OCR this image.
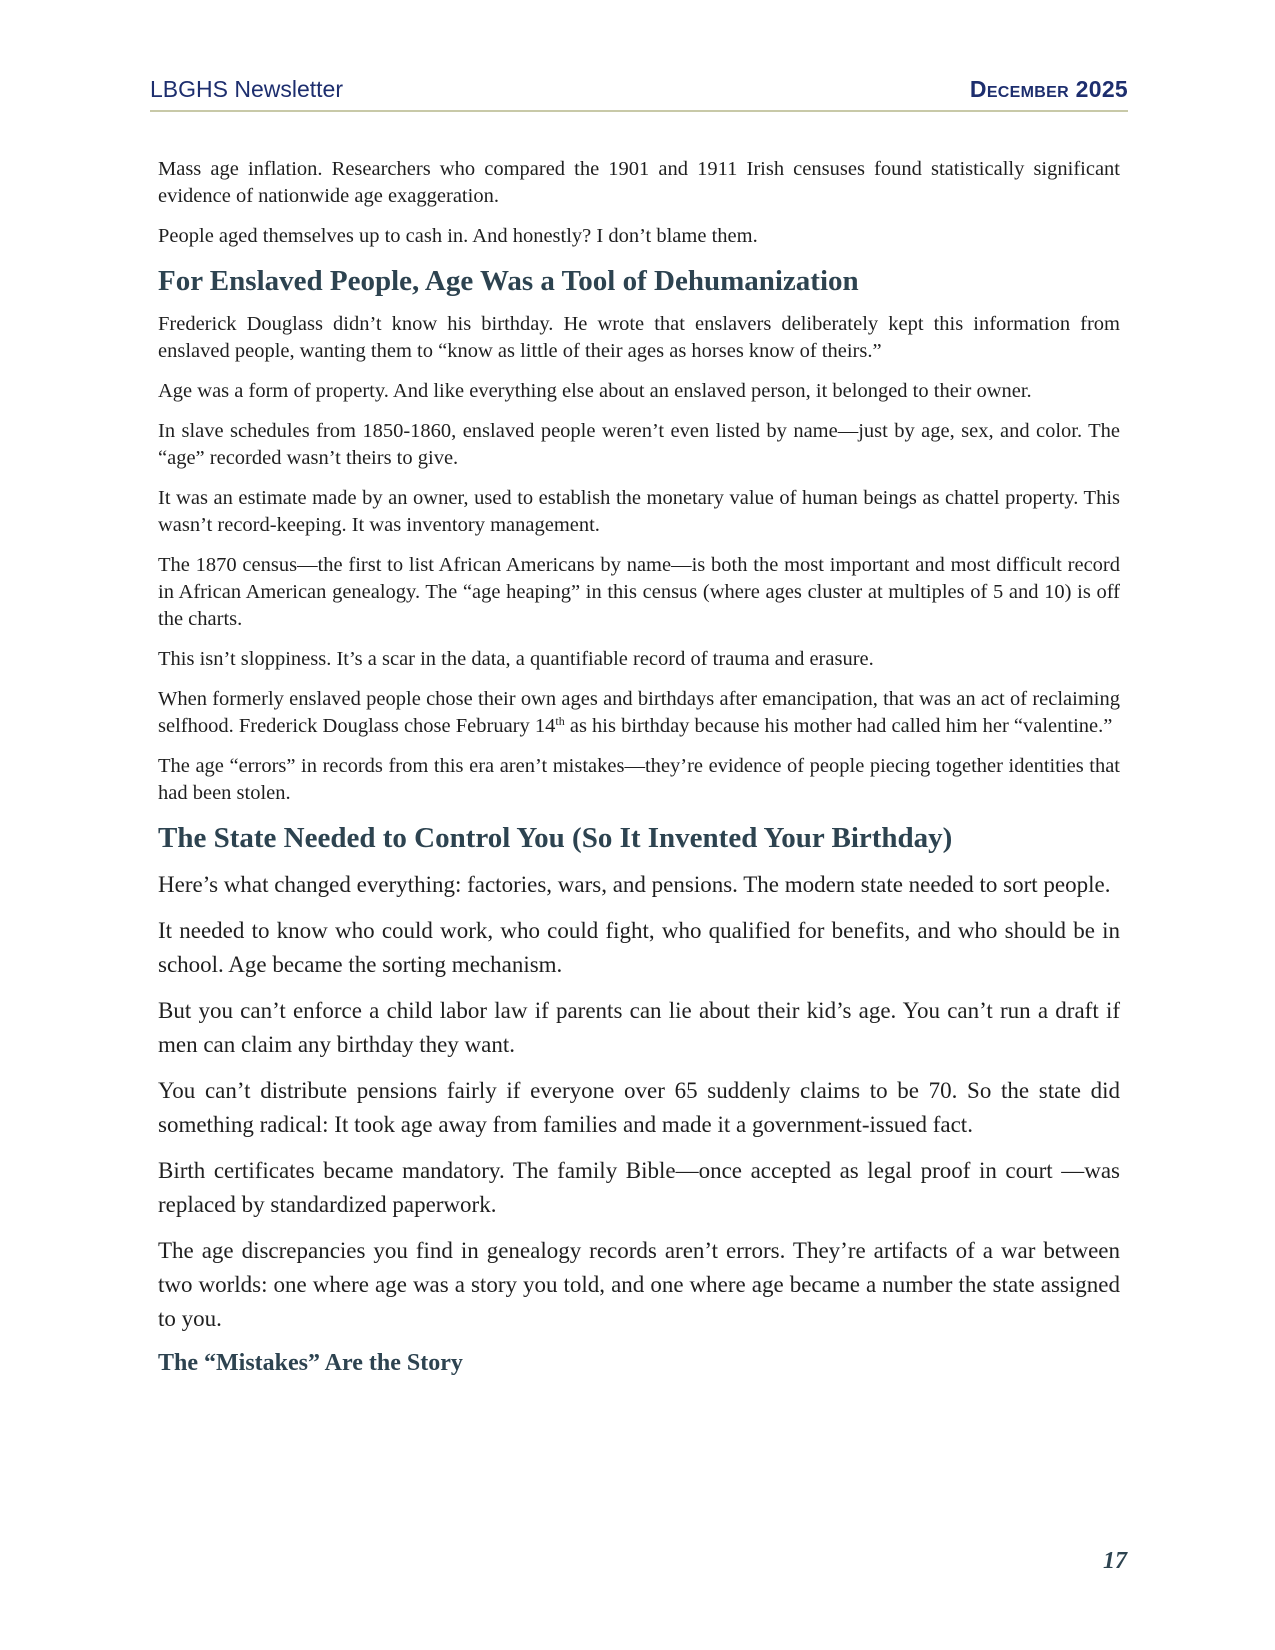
LBGHS Newsletter	December 2025

Mass age inflation. Researchers who compared the 1901 and 1911 Irish censuses found statistically significant evidence of nationwide age exaggeration.

People aged themselves up to cash in. And honestly? I don’t blame them.

For Enslaved People, Age Was a Tool of Dehumanization

Frederick Douglass didn’t know his birthday. He wrote that enslavers deliberately kept this information from enslaved people, wanting them to “know as little of their ages as horses know of theirs.”

Age was a form of property. And like everything else about an enslaved person, it belonged to their owner.

In slave schedules from 1850-1860, enslaved people weren’t even listed by name—just by age, sex, and color. The “age” recorded wasn’t theirs to give.

It was an estimate made by an owner, used to establish the monetary value of human beings as chattel property. This wasn’t record-keeping. It was inventory management.

The 1870 census—the first to list African Americans by name—is both the most important and most difficult record in African American genealogy. The “age heaping” in this census (where ages cluster at multiples of 5 and 10) is off the charts.

This isn’t sloppiness. It’s a scar in the data, a quantifiable record of trauma and erasure.

When formerly enslaved people chose their own ages and birthdays after emancipation, that was an act of reclaiming selfhood. Frederick Douglass chose February 14th as his birthday because his mother had called him her “valentine.”

The age “errors” in records from this era aren’t mistakes—they’re evidence of people piecing together identities that had been stolen.

The State Needed to Control You (So It Invented Your Birthday)

Here’s what changed everything: factories, wars, and pensions. The modern state needed to sort people.

It needed to know who could work, who could fight, who qualified for benefits, and who should be in school. Age became the sorting mechanism.

But you can’t enforce a child labor law if parents can lie about their kid’s age. You can’t run a draft if men can claim any birthday they want.

You can’t distribute pensions fairly if everyone over 65 suddenly claims to be 70. So the state did something radical: It took age away from families and made it a government-issued fact.

Birth certificates became mandatory. The family Bible—once accepted as legal proof in court —was replaced by standardized paperwork.

The age discrepancies you find in genealogy records aren’t errors. They’re artifacts of a war between two worlds: one where age was a story you told, and one where age became a number the state assigned to you.

The “Mistakes” Are the Story
17
